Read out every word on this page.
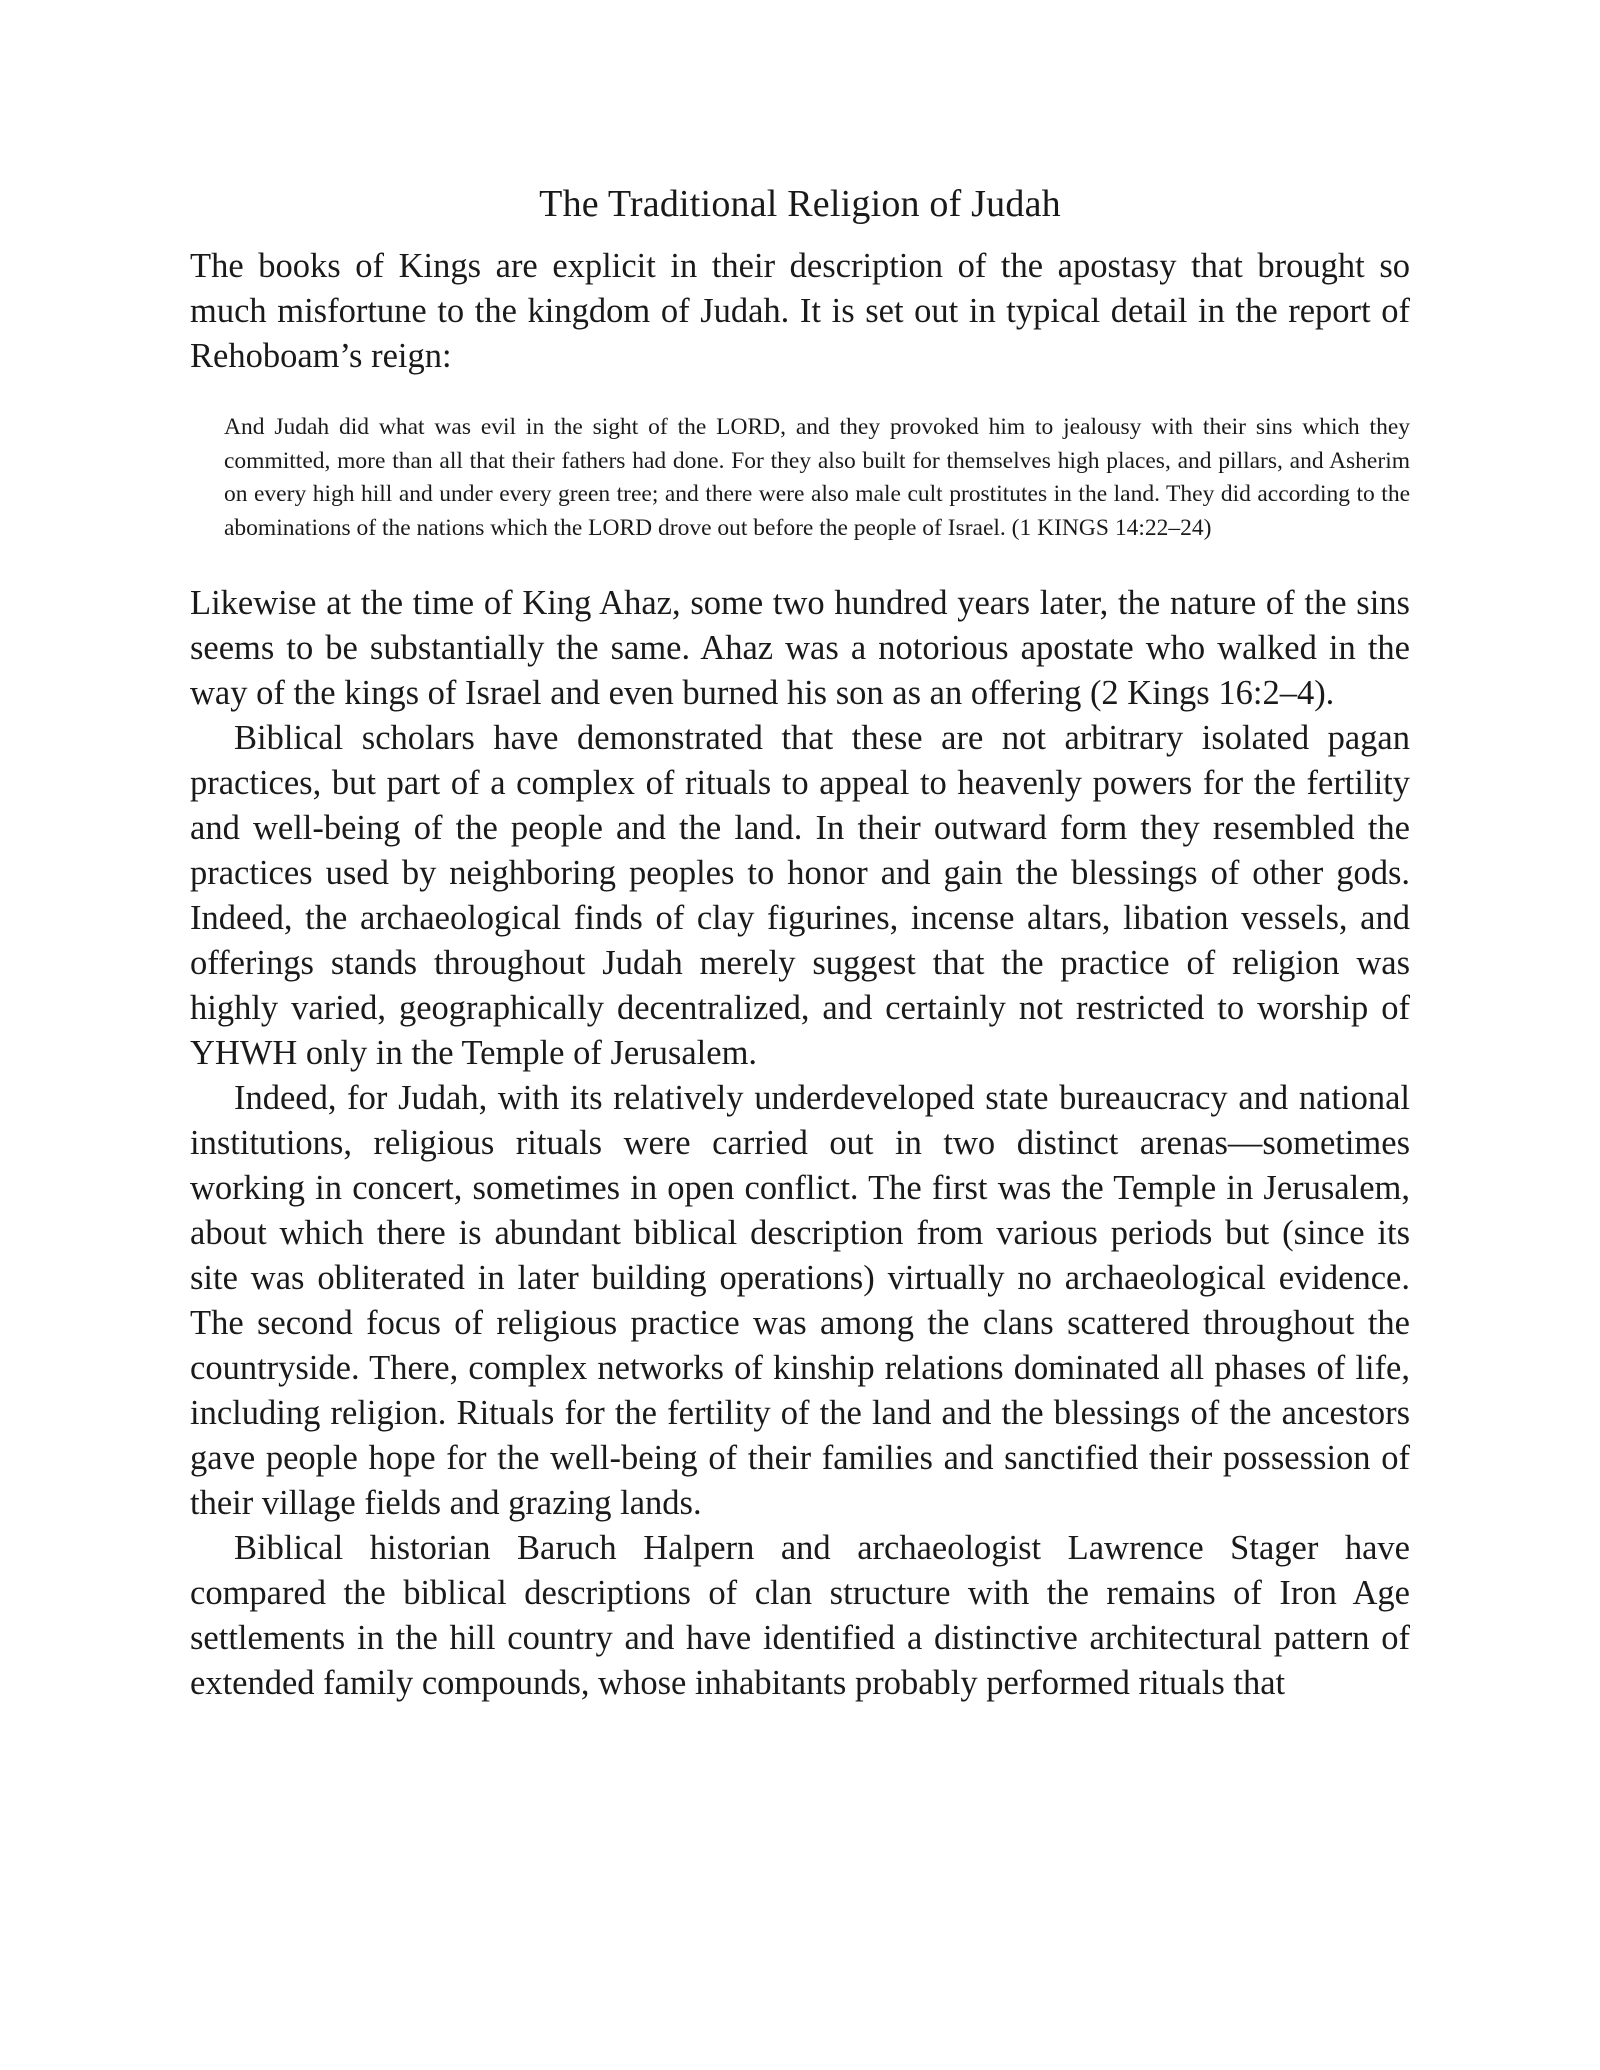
The Traditional Religion of Judah

The books of Kings are explicit in their description of the apostasy that brought so much misfortune to the kingdom of Judah. It is set out in typical detail in the report of Rehoboam’s reign:

And Judah did what was evil in the sight of the LORD, and they provoked him to jealousy with their sins which they committed, more than all that their fathers had done. For they also built for themselves high places, and pillars, and Asherim on every high hill and under every green tree; and there were also male cult prostitutes in the land. They did according to the abominations of the nations which the LORD drove out before the people of Israel. (1 KINGS 14:22–24)

Likewise at the time of King Ahaz, some two hundred years later, the nature of the sins seems to be substantially the same. Ahaz was a notorious apostate who walked in the way of the kings of Israel and even burned his son as an offering (2 Kings 16:2–4).

Biblical scholars have demonstrated that these are not arbitrary isolated pagan practices, but part of a complex of rituals to appeal to heavenly powers for the fertility and well-being of the people and the land. In their outward form they resembled the practices used by neighboring peoples to honor and gain the blessings of other gods. Indeed, the archaeological finds of clay figurines, incense altars, libation vessels, and offerings stands throughout Judah merely suggest that the practice of religion was highly varied, geographically decentralized, and certainly not restricted to worship of YHWH only in the Temple of Jerusalem.

Indeed, for Judah, with its relatively underdeveloped state bureaucracy and national institutions, religious rituals were carried out in two distinct arenas—sometimes working in concert, sometimes in open conflict. The first was the Temple in Jerusalem, about which there is abundant biblical description from various periods but (since its site was obliterated in later building operations) virtually no archaeological evidence. The second focus of religious practice was among the clans scattered throughout the countryside. There, complex networks of kinship relations dominated all phases of life, including religion. Rituals for the fertility of the land and the blessings of the ancestors gave people hope for the well-being of their families and sanctified their possession of their village fields and grazing lands.

Biblical historian Baruch Halpern and archaeologist Lawrence Stager have compared the biblical descriptions of clan structure with the remains of Iron Age settlements in the hill country and have identified a distinctive architectural pattern of extended family compounds, whose inhabitants probably performed rituals that
